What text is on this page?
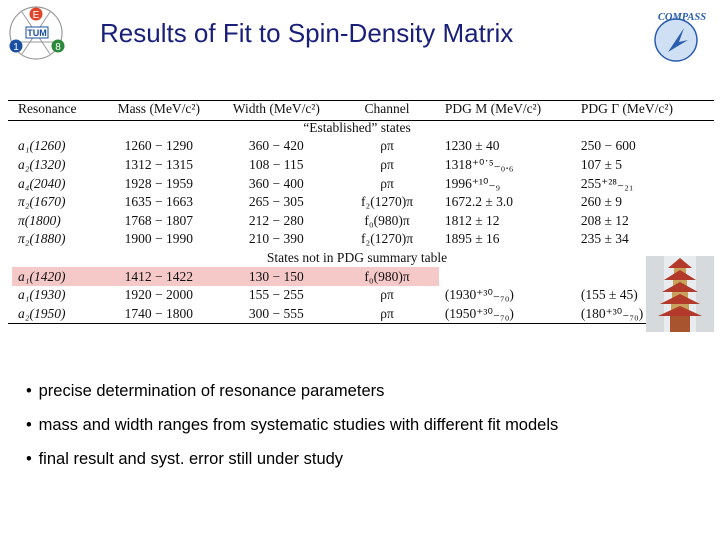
E
TUM
1	8 Results of Fit to Spin-Density Matrix
COMPASS
Resonance	Mass (MeV/c²)	Width (MeV/c²)	Channel	PDG M (MeV/c²)	PDG Γ (MeV/c²)
“Established” states					
a₁(1260)	1260 − 1290	360 − 420	ρπ	1230 ± 40	250 − 600
a₂(1320)	1312 − 1315	108 − 115	ρπ	1318⁺⁰˙⁵₋₀.₆	107 ± 5
a₄(2040)	1928 − 1959	360 − 400	ρπ	1996⁺¹⁰₋₉	255⁺²⁸₋₂₁
π₂(1670)	1635 − 1663	265 − 305	f₂(1270)π	1672.2 ± 3.0	260 ± 9
π(1800)	1768 − 1807	212 − 280	f₀(980)π	1812 ± 12	208 ± 12
π₂(1880)	1900 − 1990	210 − 390	f₂(1270)π	1895 ± 16	235 ± 34
States not in PDG summary table					
a₁(1420)	1412 − 1422	130 − 150	f₀(980)π		
a₁(1930)	1920 − 2000	155 − 255	ρπ	(1930⁺³⁰₋₇₀)	(155 ± 45)
a₂(1950)	1740 − 1800	300 − 555	ρπ	(1950⁺³⁰₋₇₀)	(180⁺³⁰₋₇₀)
• precise determination of resonance parameters
• mass and width ranges from systematic studies with different fit models
• final result and syst. error still under study
